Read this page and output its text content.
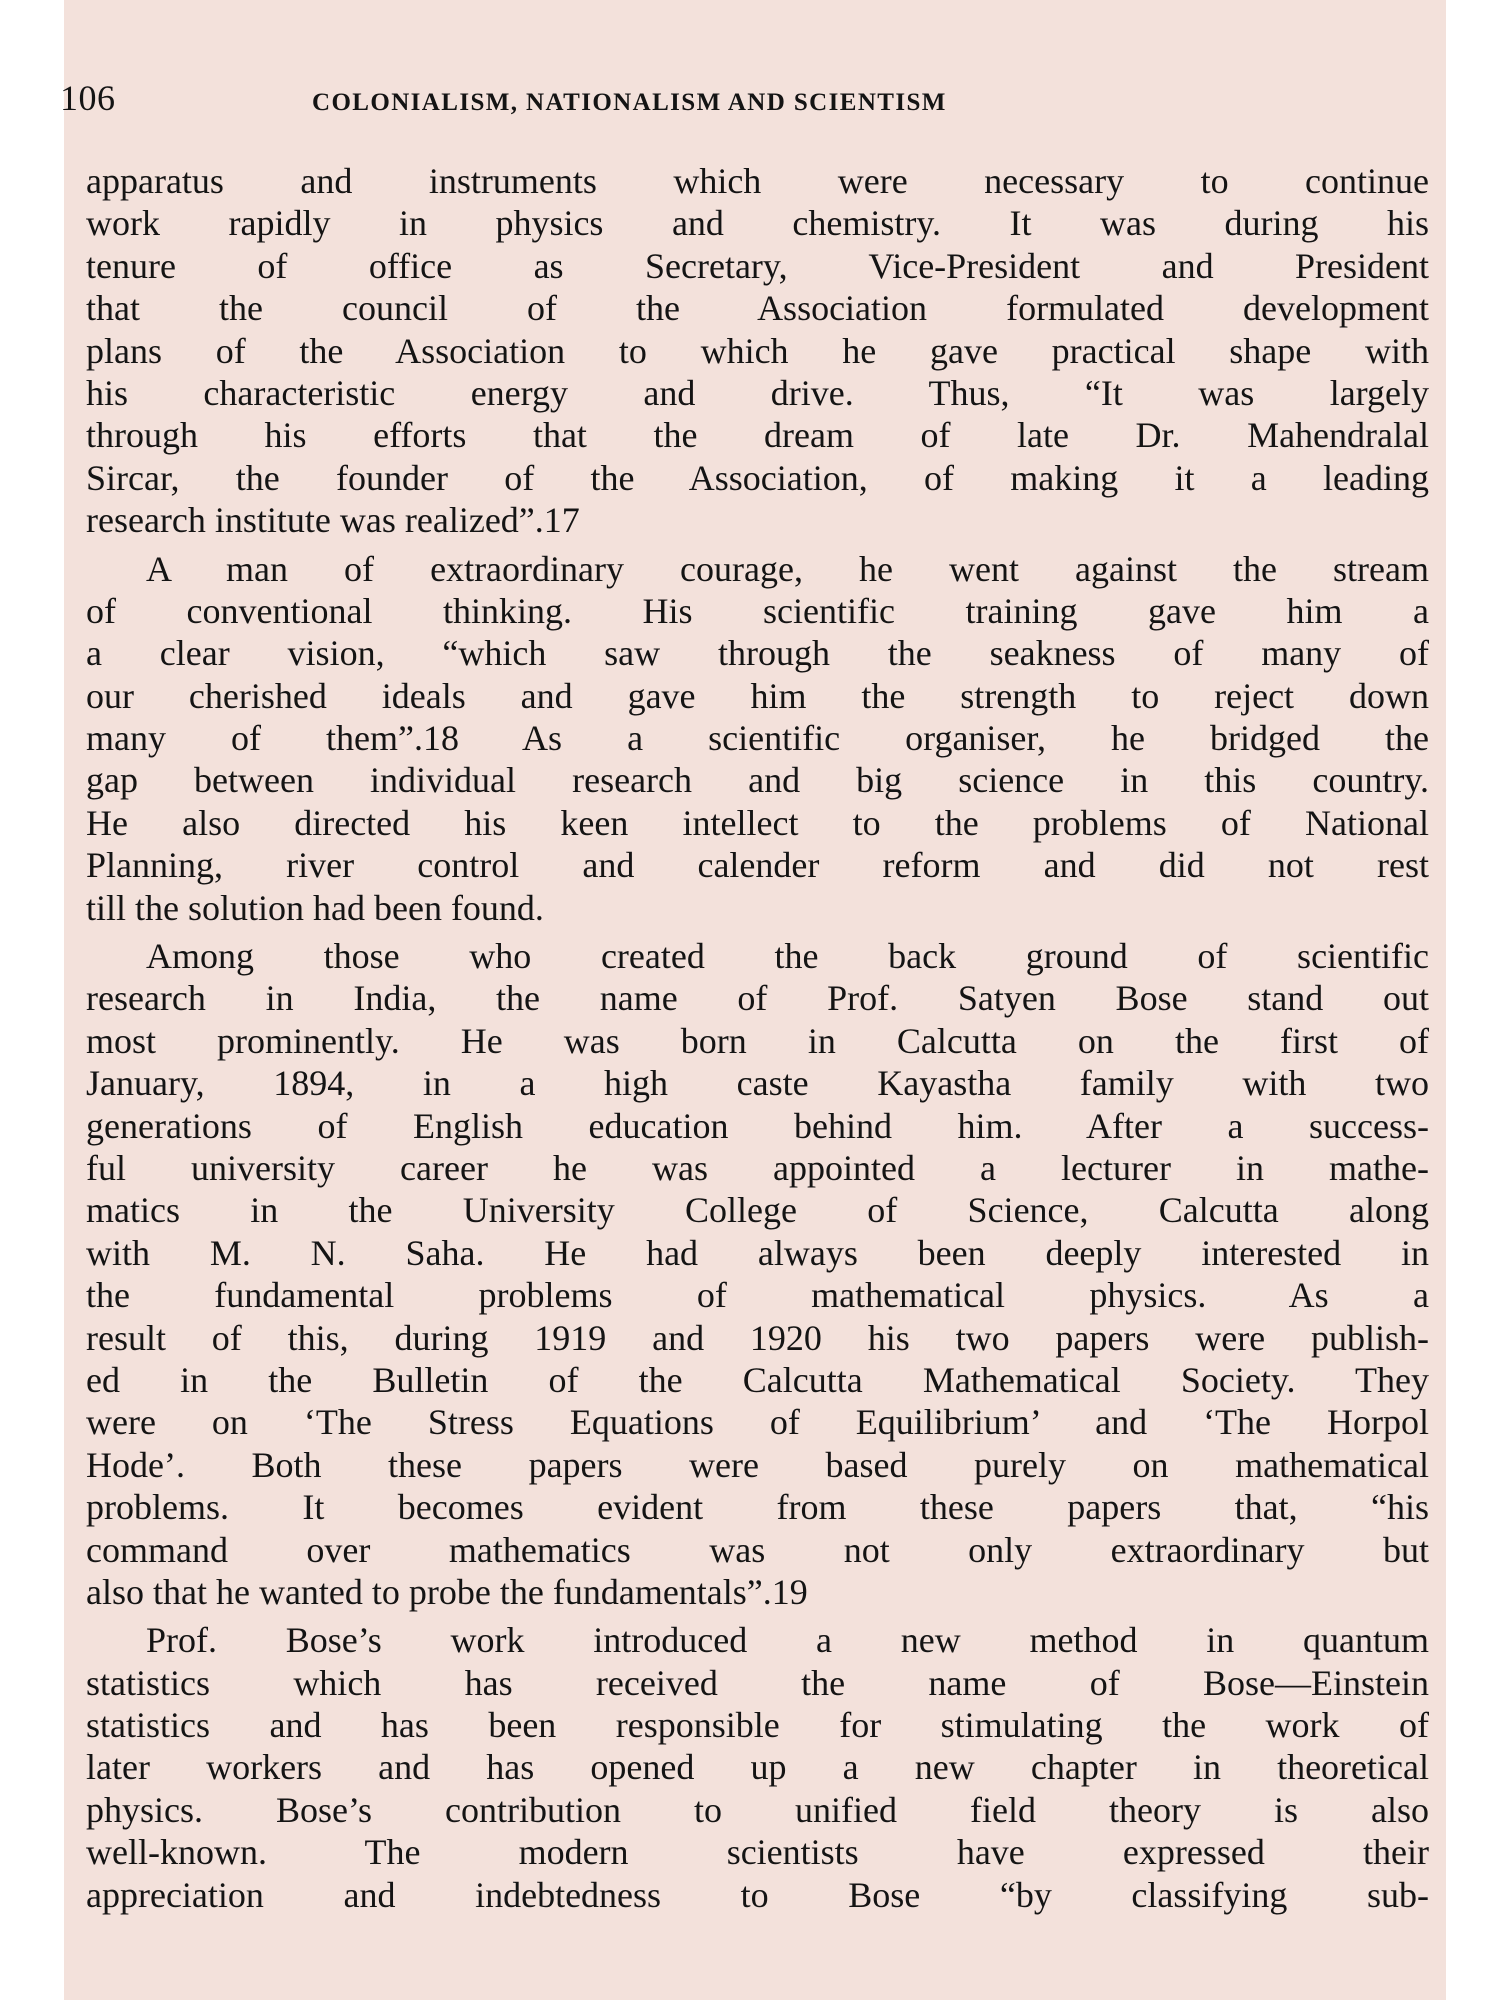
106	COLONIALISM, NATIONALISM AND SCIENTISM
apparatus and instruments which were necessary to continue
work rapidly in physics and chemistry. It was during his
tenure of office as Secretary, Vice-President and President
that the council of the Association formulated development
plans of the Association to which he gave practical shape with
his characteristic energy and drive. Thus, “It was largely
through his efforts that the dream of late Dr. Mahendralal
Sircar, the founder of the Association, of making it a leading
research institute was realized”.17
A man of extraordinary courage, he went against the stream
of conventional thinking. His scientific training gave him a
a clear vision, “which saw through the seakness of many of
our cherished ideals and gave him the strength to reject down
many of them”.18 As a scientific organiser, he bridged the
gap between individual research and big science in this country.
He also directed his keen intellect to the problems of National
Planning, river control and calender reform and did not rest
till the solution had been found.
Among those who created the back ground of scientific
research in India, the name of Prof. Satyen Bose stand out
most prominently. He was born in Calcutta on the first of
January, 1894, in a high caste Kayastha family with two
generations of English education behind him. After a success-
ful university career he was appointed a lecturer in mathe-
matics in the University College of Science, Calcutta along
with M. N. Saha. He had always been deeply interested in
the fundamental problems of mathematical physics. As a
result of this, during 1919 and 1920 his two papers were publish-
ed in the Bulletin of the Calcutta Mathematical Society. They
were on ‘The Stress Equations of Equilibrium’ and ‘The Horpol
Hode’. Both these papers were based purely on mathematical
problems. It becomes evident from these papers that, “his
command over mathematics was not only extraordinary but
also that he wanted to probe the fundamentals”.19
Prof. Bose’s work introduced a new method in quantum
statistics which has received the name of Bose—Einstein
statistics and has been responsible for stimulating the work of
later workers and has opened up a new chapter in theoretical
physics. Bose’s contribution to unified field theory is also
well-known. The modern scientists have expressed their
appreciation and indebtedness to Bose “by classifying sub-
